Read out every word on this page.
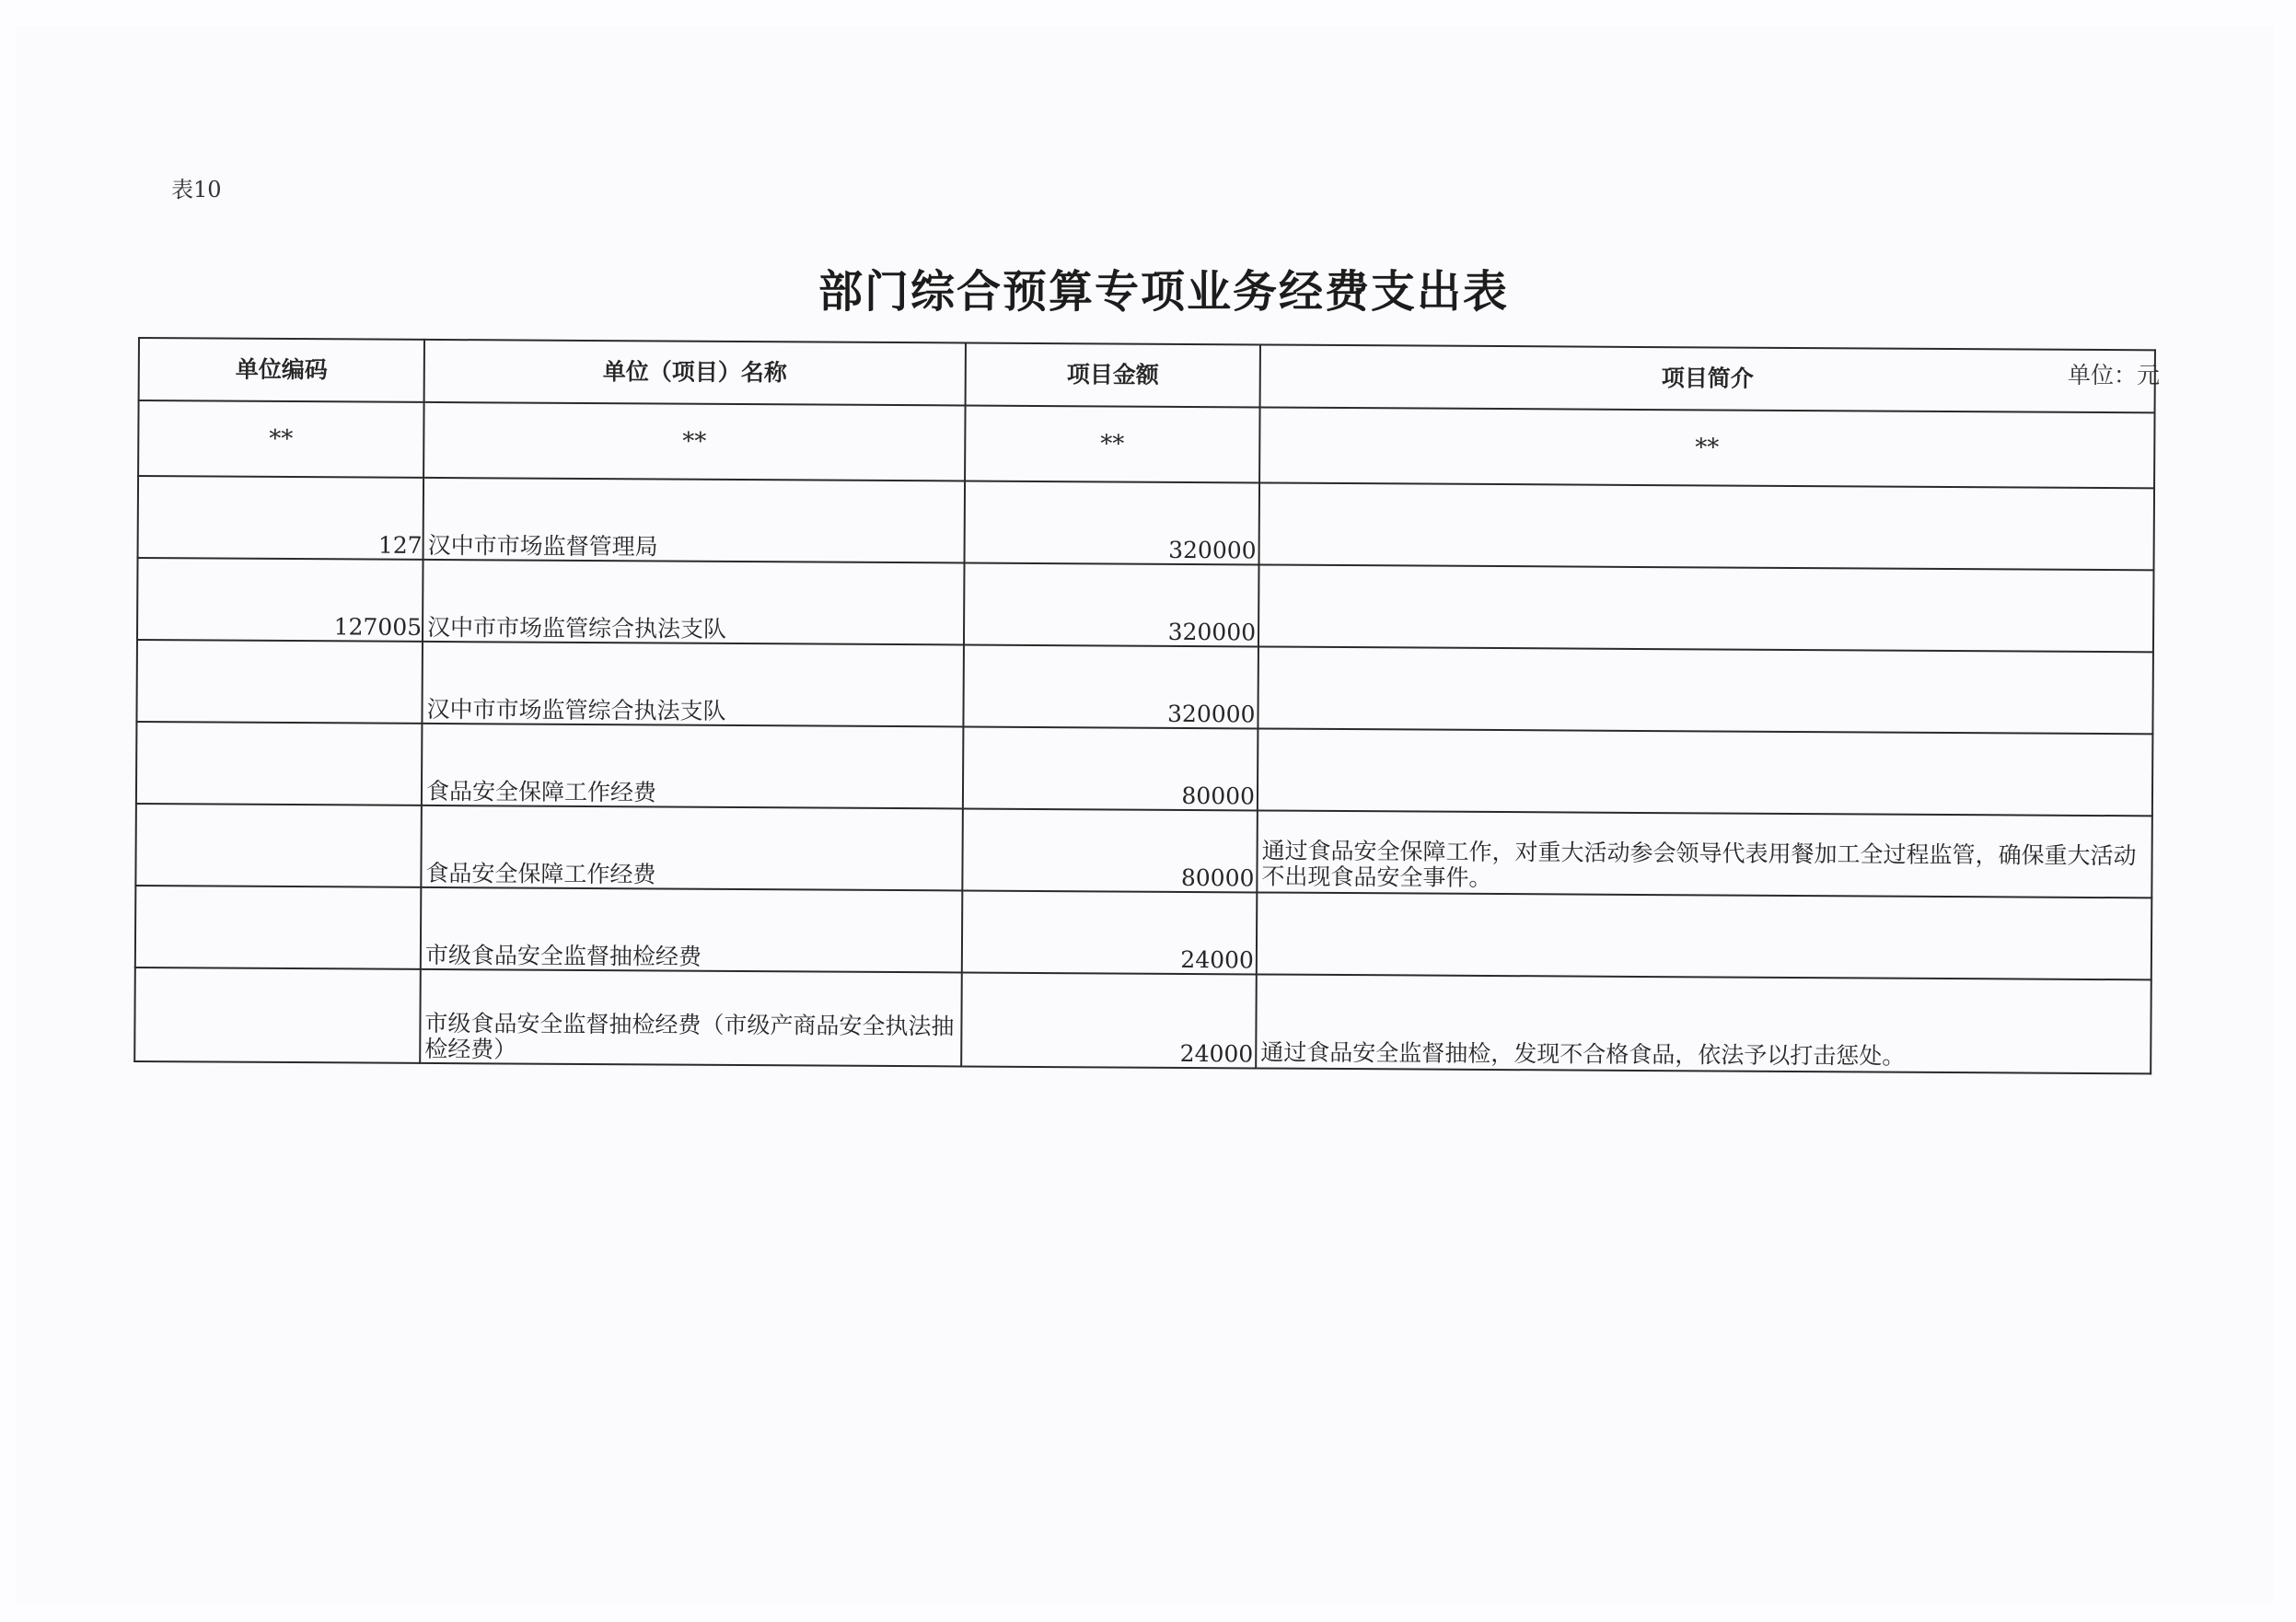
表10
部门综合预算专项业务经费支出表
单位：元
单位编码	单位（项目）名称	项目金额	项目简介
**	**	**	**
127	汉中市市场监督管理局	320000	
127005	汉中市市场监管综合执法支队	320000	
	汉中市市场监管综合执法支队	320000	
	食品安全保障工作经费	80000	
	食品安全保障工作经费	80000	通过食品安全保障工作，对重大活动参会领导代表用餐加工全过程监管，确保重大活动不出现食品安全事件。
	市级食品安全监督抽检经费	24000	
	市级食品安全监督抽检经费（市级产商品安全执法抽检经费）	24000	通过食品安全监督抽检，发现不合格食品，依法予以打击惩处。
